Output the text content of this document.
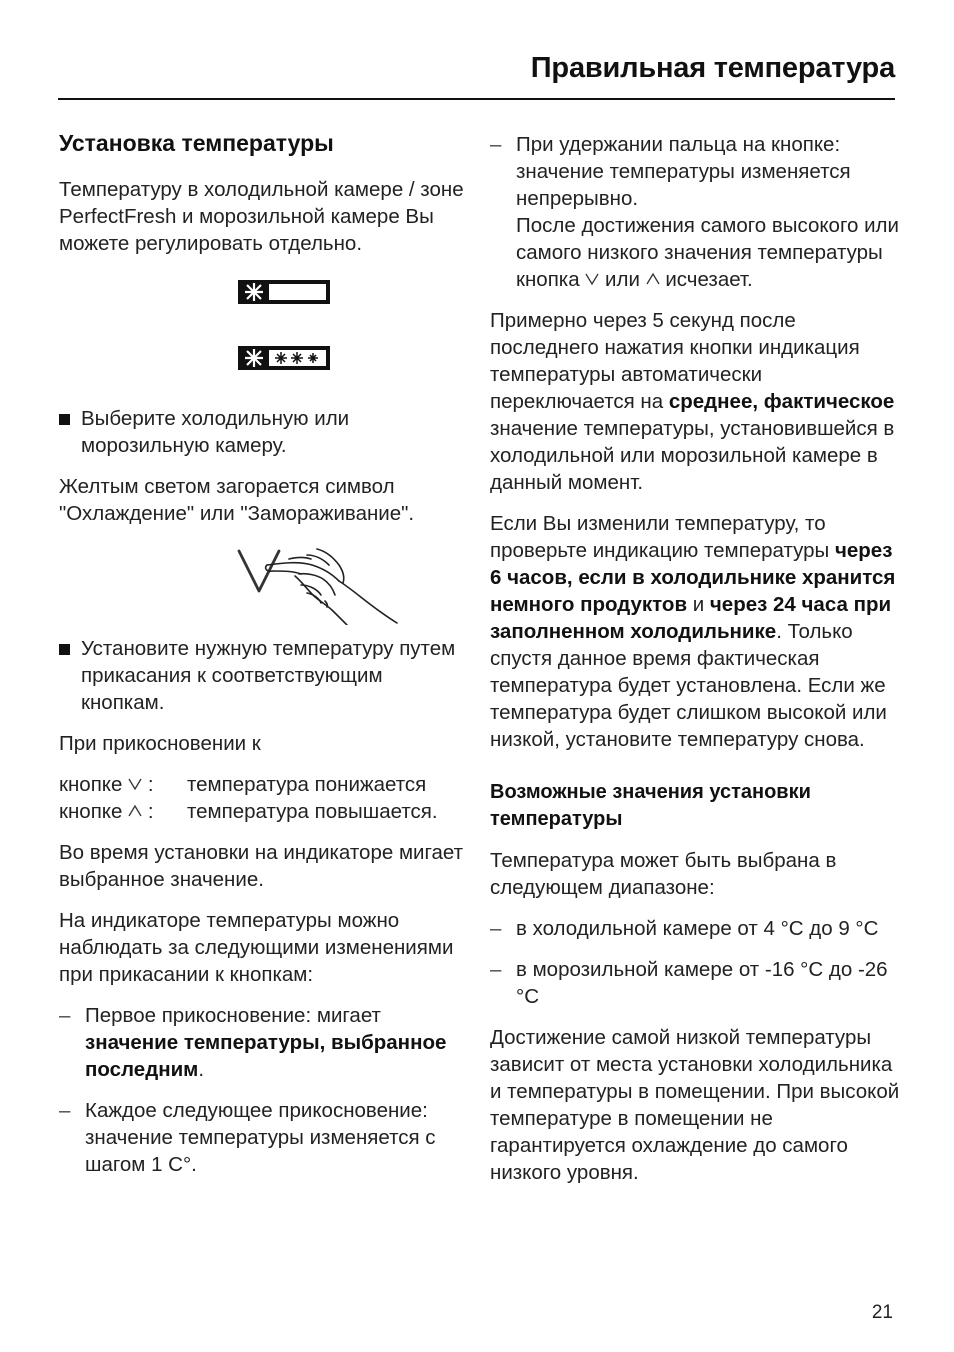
Правильная температура
Установка температуры

Температуру в холодильной камере / зоне PerfectFresh и морозильной камере Вы можете регулировать отдельно.

Выберите холодильную или морозильную камеру.

Желтым светом загорается символ "Охлаждение" или "Замораживание".

Установите нужную температуру путем прикасания к соответствующим кнопкам.

При прикосновении к

кнопке :	температура понижается
кнопке :	температура повышается.

Во время установки на индикаторе мигает выбранное значение.

На индикаторе температуры можно наблюдать за следующими изменениями при прикасании к кнопкам:

– Первое прикосновение: мигает значение температуры, выбранное последним.
– Каждое следующее прикосновение:
значение температуры изменяется с шагом 1 C°.
– При удержании пальца на кнопке: значение температуры изменяется непрерывно.
После достижения самого высокого или самого низкого значения температуры кнопка или исчезает.

Примерно через 5 секунд после последнего нажатия кнопки индикация температуры автоматически переключается на среднее, фактическое значение температуры, установившейся в холодильной или морозильной камере в данный момент.

Если Вы изменили температуру, то проверьте индикацию температуры через 6 часов, если в холодильнике хранится немного продуктов и через 24 часа при заполненном холодильнике. Только спустя данное время фактическая температура будет установлена. Если же температура будет слишком высокой или низкой, установите температуру снова.

Возможные значения установки температуры

Температура может быть выбрана в следующем диапазоне:

– в холодильной камере от 4 °C до 9 °C
– в морозильной камере от -16 °C до -26 °C

Достижение самой низкой температуры зависит от места установки холодильника и температуры в помещении. При высокой температуре в помещении не гарантируется охлаждение до самого низкого уровня.

21
